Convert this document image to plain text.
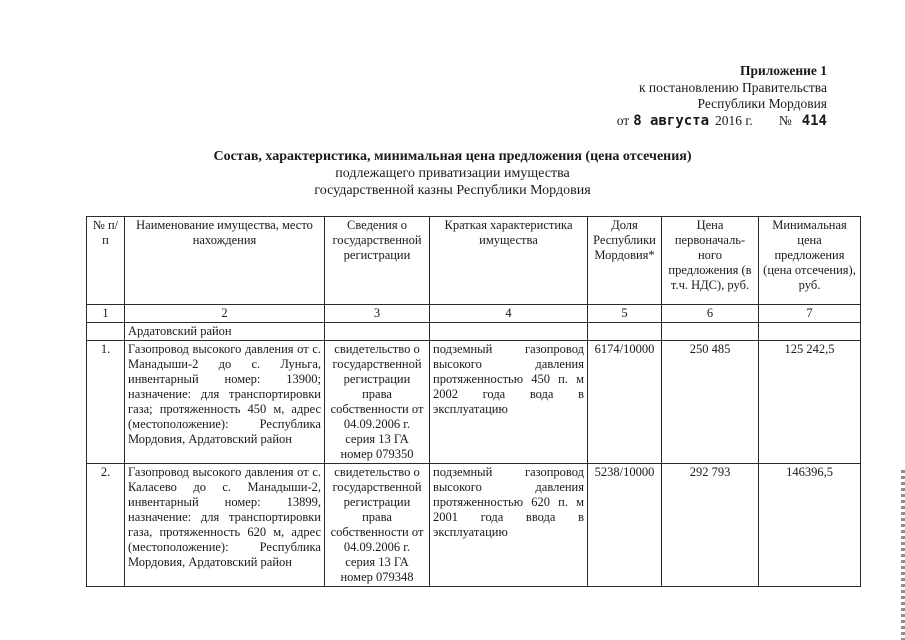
Приложение 1
к постановлению Правительства
Республики Мордовия
от 8 августа 2016 г. № 414
Состав, характеристика, минимальная цена предложения (цена отсечения)
подлежащего приватизации имущества
государственной казны Республики Мордовия
№ п/п	Наименование имущества, место нахождения	Сведения о государственной регистрации	Краткая характеристика имущества	Доля Республики Мордовия*	Цена первоначаль-ного предложения (в т.ч. НДС), руб.	Минимальная цена предложения (цена отсечения), руб.
1	2	3	4	5	6	7
	Ардатовский район					
1.	Газопровод высокого давления от с. Манадыши-2 до с. Луньга, инвентарный номер: 13900; назначение: для транспортировки газа; протяженность 450 м, адрес (местоположение): Республика Мордовия, Ардатовский район	свидетельство о государственной регистрации права собственности от 04.09.2006 г. серия 13 ГА номер 079350	подземный газопровод высокого давления протяженностью 450 п. м 2002 года вода в эксплуатацию	6174/10000	250 485	125 242,5
2.	Газопровод высокого давления от с. Каласево до с. Манадыши-2, инвентарный номер: 13899, назначение: для транспортировки газа, протяженность 620 м, адрес (местоположение): Республика Мордовия, Ардатовский район	свидетельство о государственной регистрации права собственности от 04.09.2006 г. серия 13 ГА номер 079348	подземный газопровод высокого давления протяженностью 620 п. м 2001 года ввода в эксплуатацию	5238/10000	292 793	146396,5
